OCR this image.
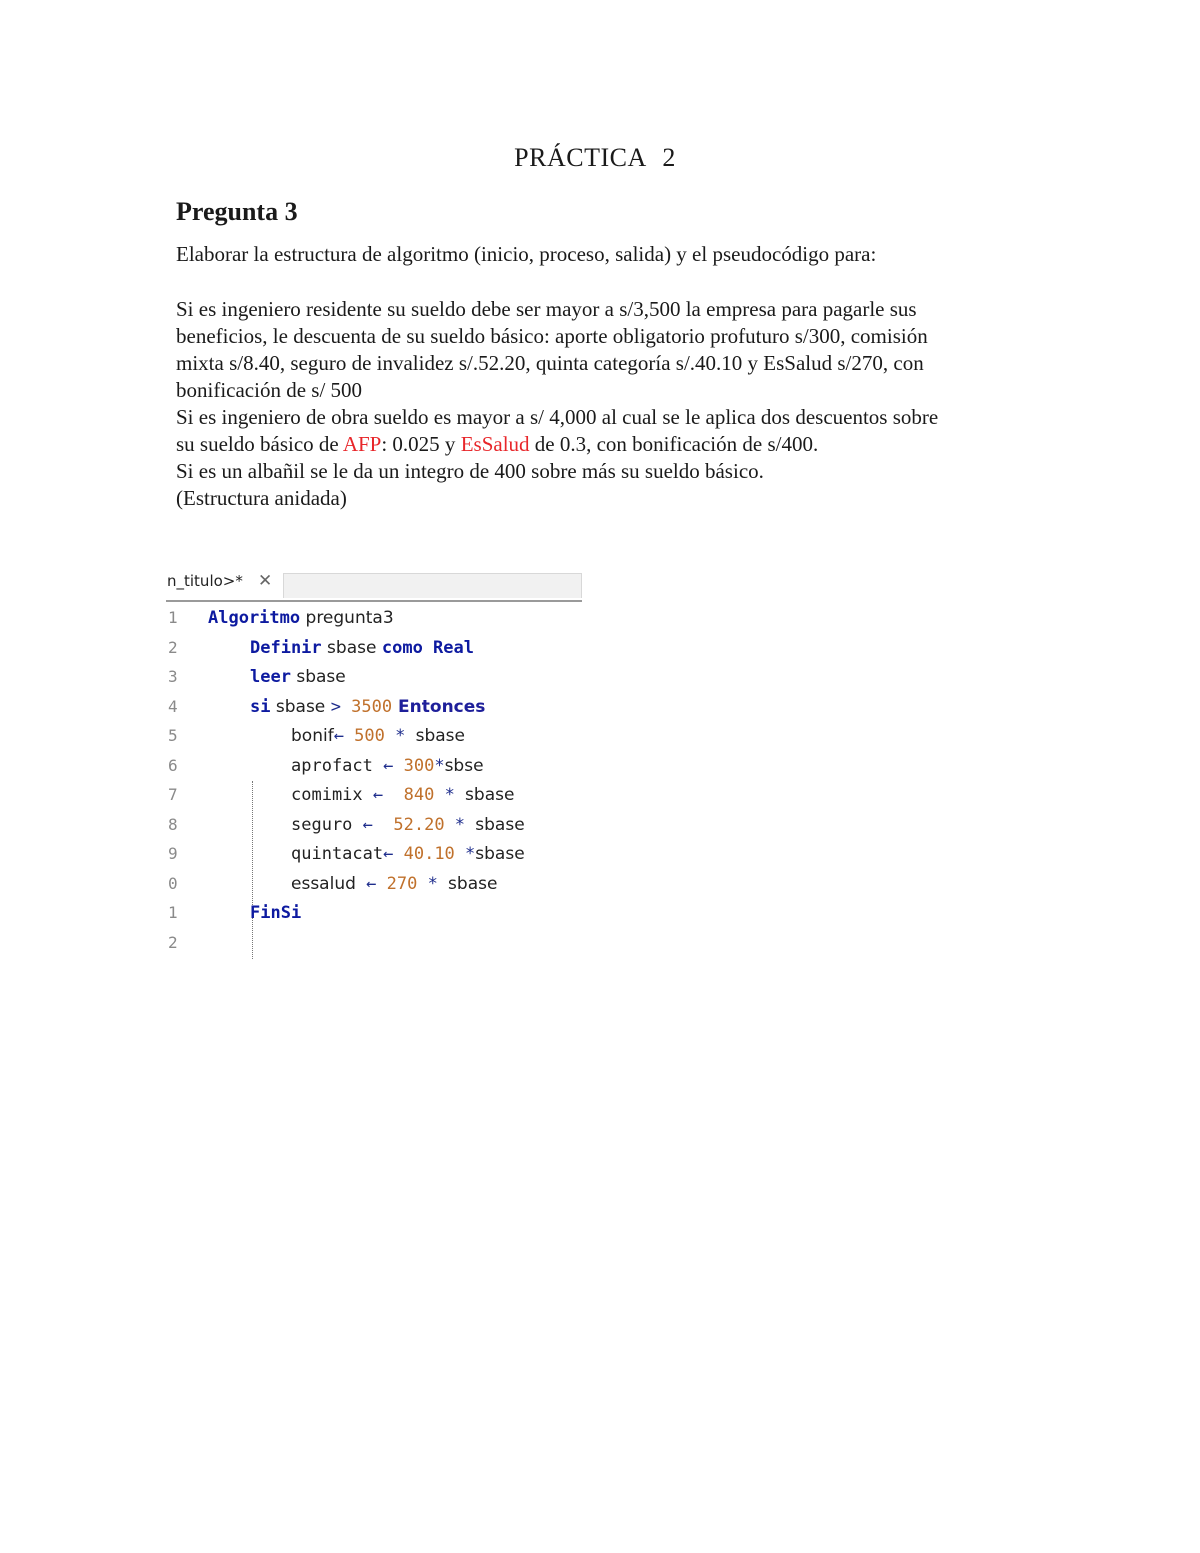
PRÁCTICA 2
Pregunta 3
Elaborar la estructura de algoritmo (inicio, proceso, salida) y el pseudocódigo para:
Si es ingeniero residente su sueldo debe ser mayor a s/3,500 la empresa para pagarle sus
beneficios, le descuenta de su sueldo básico: aporte obligatorio profuturo s/300, comisión
mixta s/8.40, seguro de invalidez s/.52.20, quinta categoría s/.40.10 y EsSalud s/270, con
bonificación de s/ 500
Si es ingeniero de obra sueldo es mayor a s/ 4,000 al cual se le aplica dos descuentos sobre
su sueldo básico de AFP: 0.025 y EsSalud de 0.3, con bonificación de s/400.
Si es un albañil se le da un integro de 400 sobre más su sueldo básico.
(Estructura anidada)
n_titulo>* ✕

1

Algoritmo pregunta3

2

	Definir sbase como Real

3

	leer sbase

4

	si sbase > 3500 Entonces

5

	bonif← 500 * sbase

6

	aprofact ← 300*sbse

7

	comimix ←  840 * sbase

8

	seguro ←  52.20 * sbase

9

	quintacat← 40.10 *sbase

0

	essalud ← 270 * sbase

1

	FinSi

2
